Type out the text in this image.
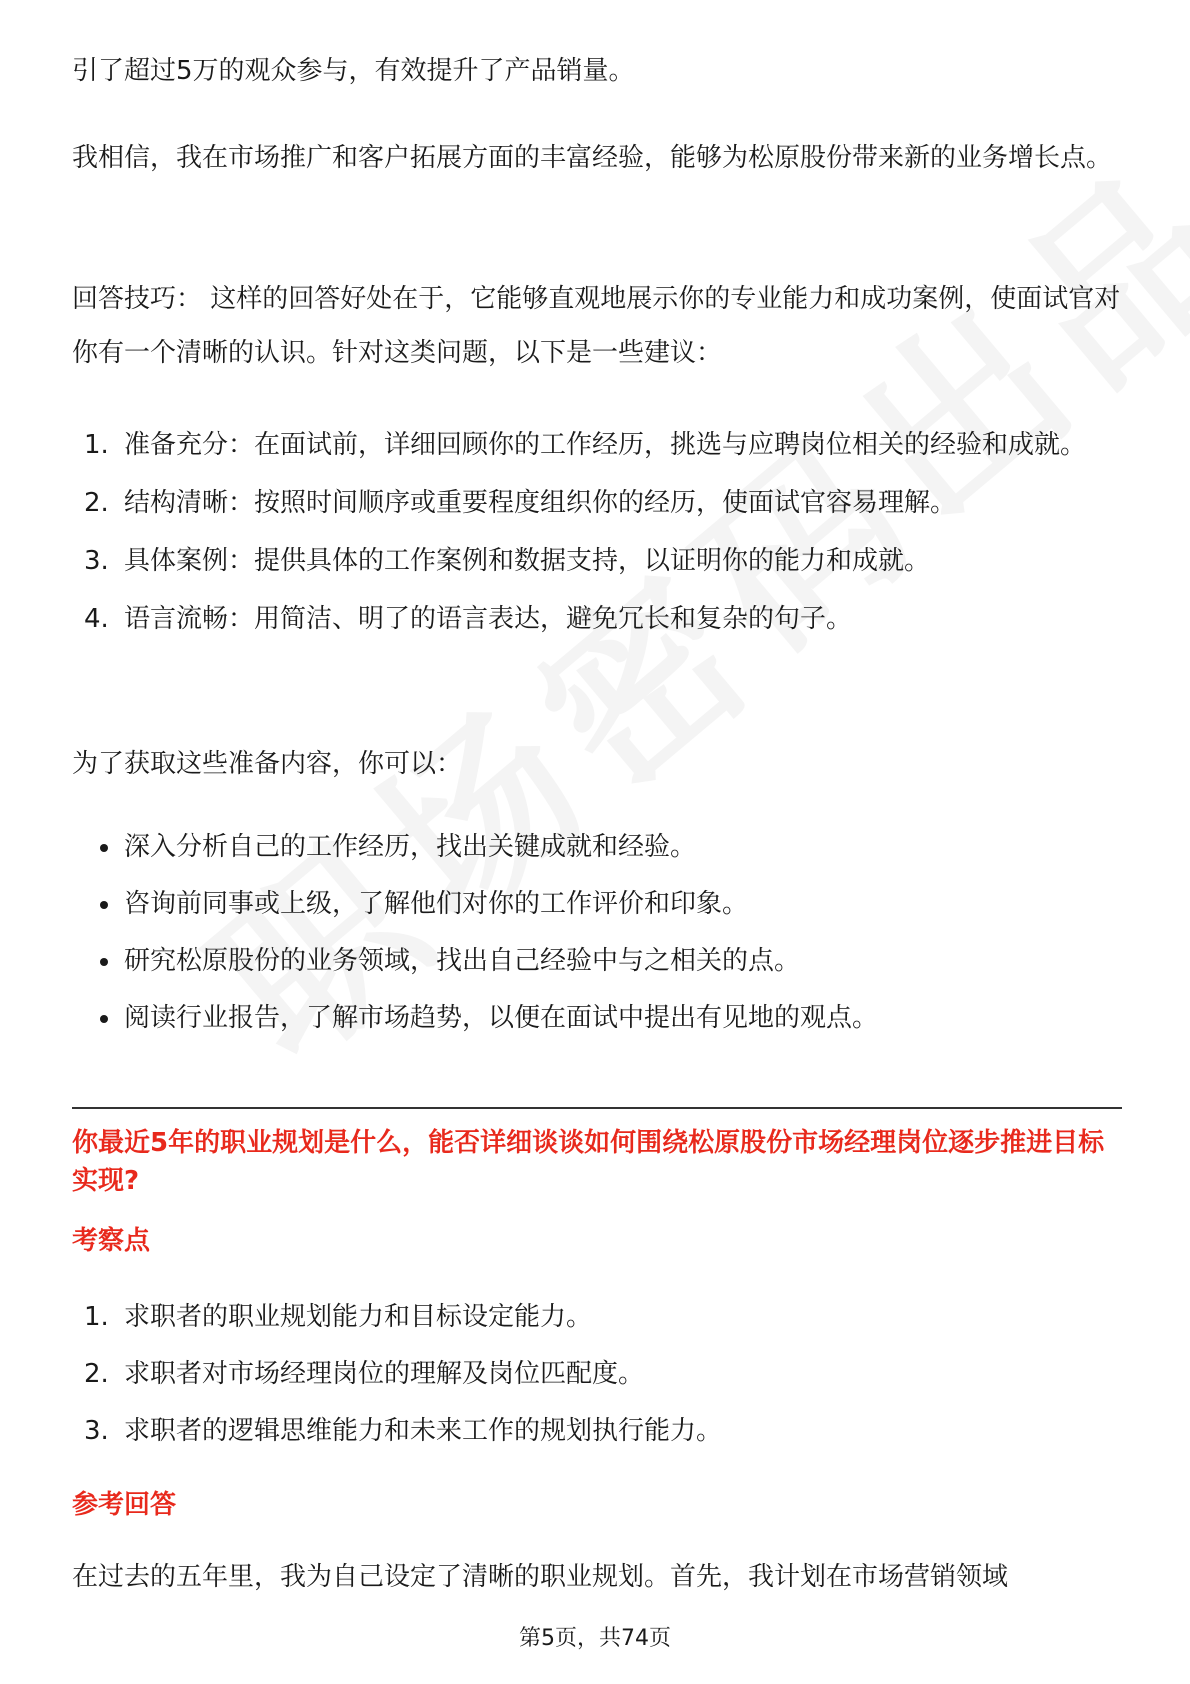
引了超过5万的观众参与，有效提升了产品销量。
我相信，我在市场推广和客户拓展方面的丰富经验，能够为松原股份带来新的业务增长点。
回答技巧： 这样的回答好处在于，它能够直观地展示你的专业能力和成功案例，使面试官对你有一个清晰的认识。针对这类问题，以下是一些建议：
1. 准备充分：在面试前，详细回顾你的工作经历，挑选与应聘岗位相关的经验和成就。
2. 结构清晰：按照时间顺序或重要程度组织你的经历，使面试官容易理解。
3. 具体案例：提供具体的工作案例和数据支持，以证明你的能力和成就。
4. 语言流畅：用简洁、明了的语言表达，避免冗长和复杂的句子。
为了获取这些准备内容，你可以：
深入分析自己的工作经历，找出关键成就和经验。
咨询前同事或上级，了解他们对你的工作评价和印象。
研究松原股份的业务领域，找出自己经验中与之相关的点。
阅读行业报告，了解市场趋势，以便在面试中提出有见地的观点。
你最近5年的职业规划是什么，能否详细谈谈如何围绕松原股份市场经理岗位逐步推进目标实现?
考察点
1. 求职者的职业规划能力和目标设定能力。
2. 求职者对市场经理岗位的理解及岗位匹配度。
3. 求职者的逻辑思维能力和未来工作的规划执行能力。
参考回答
在过去的五年里，我为自己设定了清晰的职业规划。首先，我计划在市场营销领域
第5页，共74页
